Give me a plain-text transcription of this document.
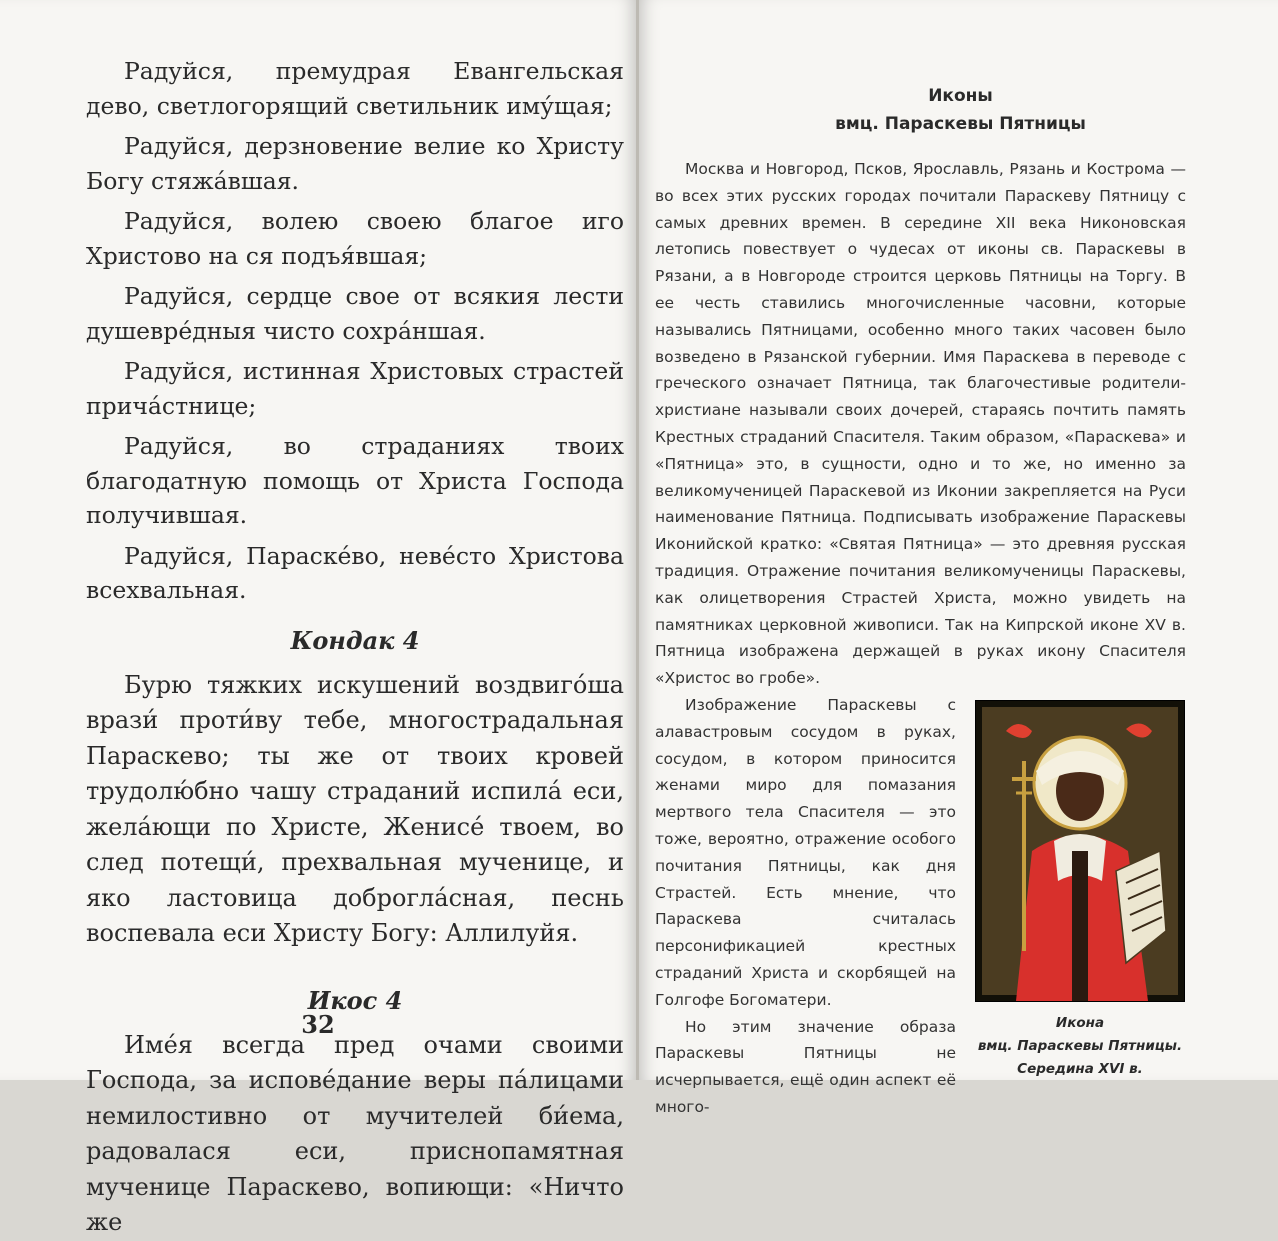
Радуйся, премудрая Евангельская дево, светлогорящий светильник иму́щая;

Радуйся, дерзновение велие ко Христу Богу стяжа́вшая.

Радуйся, волею своею благое иго Христово на ся подъя́вшая;

Радуйся, сердце свое от всякия лести душевре́дныя чисто сохра́ншая.

Радуйся, истинная Христовых страстей прича́стнице;

Радуйся, во страданиях твоих благодатную помощь от Христа Господа получившая.

Радуйся, Параске́во, неве́сто Христова всехвальная.

Кондак 4

Бурю тяжких искушений воздвиго́ша врази́ проти́ву тебе, многострадальная Параскево; ты же от твоих кровей трудолю́бно чашу страданий испила́ еси, жела́ющи по Христе, Женисе́ твоем, во след потещи́, прехвальная мученице, и яко ластовица доброгла́сная, песнь воспевала еси Христу Богу: Аллилуйя.

Икос 4

Име́я всегда пред очами своими Господа, за испове́дание веры па́лицами немилостивно от мучителей би́ема, радовалася еси, приснопамятная мученице Параскево, вопиющи: «Ничто же

32
Иконы
вмц. Параскевы Пятницы

Москва и Новгород, Псков, Ярославль, Рязань и Кострома — во всех этих русских городах почитали Параскеву Пятницу с самых древних времен. В середине XII века Никоновская летопись повествует о чудесах от иконы св. Параскевы в Рязани, а в Новгороде строится церковь Пятницы на Торгу. В ее честь ставились многочисленные часовни, которые назывались Пятницами, особенно много таких часовен было возведено в Рязанской губернии. Имя Параскева в переводе с греческого означает Пятница, так благочестивые родители-христиане называли своих дочерей, стараясь почтить память Крестных страданий Спасителя. Таким образом, «Параскева» и «Пятница» это, в сущности, одно и то же, но именно за великомученицей Параскевой из Иконии закрепляется на Руси наименование Пятница. Подписывать изображение Параскевы Иконийской кратко: «Святая Пятница» — это древняя русская традиция. Отражение почитания великомученицы Параскевы, как олицетворения Страстей Христа, можно увидеть на памятниках церковной живописи. Так на Кипрской иконе XV в. Пятница изображена держащей в руках икону Спасителя «Христос во гробе».

Икона
вмц. Параскевы Пятницы.
Середина XVI в.

Изображение Параскевы с алавастровым сосудом в руках, сосудом, в котором приносится женами миро для помазания мертвого тела Спасителя — это тоже, вероятно, отражение особого почитания Пятницы, как дня Страстей. Есть мнение, что Параскева считалась персонификацией крестных страданий Христа и скорбящей на Голгофе Богоматери.

Но этим значение образа Параскевы Пятницы не исчерпывается, ещё один аспект её много-
